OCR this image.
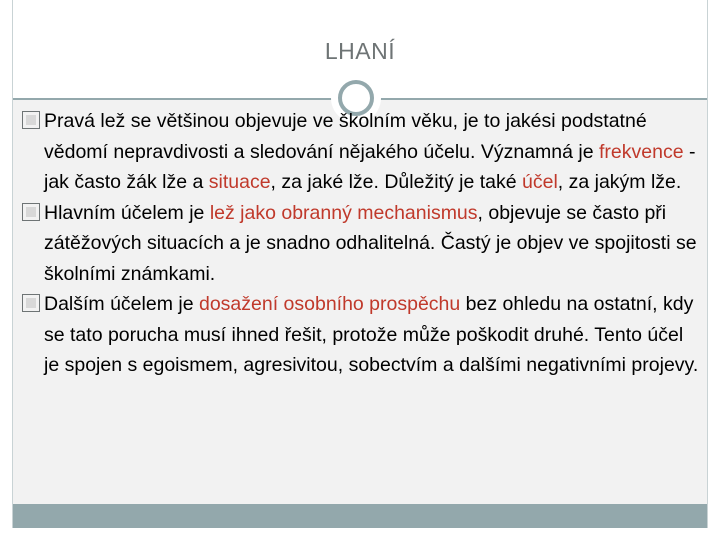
LHANÍ

Pravá lež se většinou objevuje ve školním věku, je to jakési podstatné vědomí nepravdivosti a sledování nějakého účelu. Významná je frekvence - jak často žák lže a situace, za jaké lže. Důležitý je také účel, za jakým lže.

Hlavním účelem je lež jako obranný mechanismus, objevuje se často při zátěžových situacích a je snadno odhalitelná. Častý je objev ve spojitosti se školními známkami.

Dalším účelem je dosažení osobního prospěchu bez ohledu na ostatní, kdy se tato porucha musí ihned řešit, protože může poškodit druhé. Tento účel je spojen s egoismem, agresivitou, sobectvím a dalšími negativními projevy.
